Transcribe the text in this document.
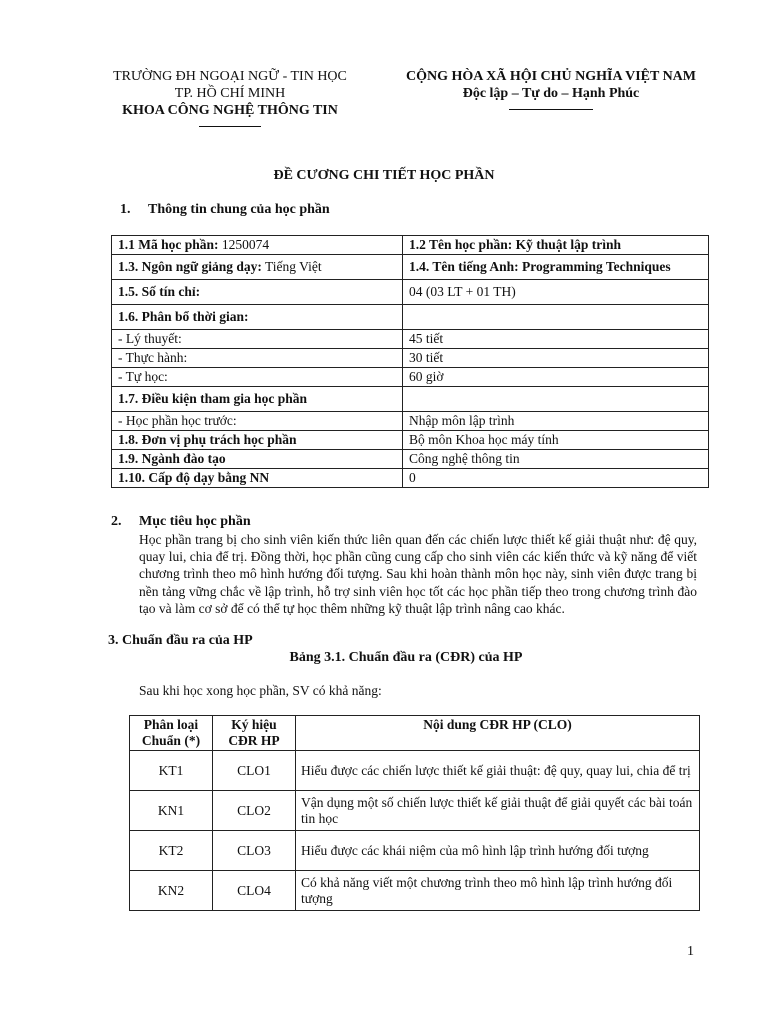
TRƯỜNG ĐH NGOẠI NGỮ - TIN HỌC
TP. HỒ CHÍ MINH
KHOA CÔNG NGHỆ THÔNG TIN
CỘNG HÒA XÃ HỘI CHỦ NGHĨA VIỆT NAM
Độc lập – Tự do – Hạnh Phúc
ĐỀ CƯƠNG CHI TIẾT HỌC PHẦN
1. Thông tin chung của học phần
1.1 Mã học phần: 1250074	1.2 Tên học phần: Kỹ thuật lập trình
1.3. Ngôn ngữ giảng dạy: Tiếng Việt	1.4. Tên tiếng Anh: Programming Techniques
1.5. Số tín chỉ:	04 (03 LT + 01 TH)
1.6. Phân bổ thời gian:	
- Lý thuyết:	45 tiết
- Thực hành:	30 tiết
- Tự học:	60 giờ
1.7. Điều kiện tham gia học phần	
- Học phần học trước:	Nhập môn lập trình
1.8. Đơn vị phụ trách học phần	Bộ môn Khoa học máy tính
1.9. Ngành đào tạo	Công nghệ thông tin
1.10. Cấp độ dạy bằng NN	0
2. Mục tiêu học phần
Học phần trang bị cho sinh viên kiến thức liên quan đến các chiến lược thiết kế giải thuật như: đệ quy, quay lui, chia để trị. Đồng thời, học phần cũng cung cấp cho sinh viên các kiến thức và kỹ năng để viết chương trình theo mô hình hướng đối tượng. Sau khi hoàn thành môn học này, sinh viên được trang bị nền tảng vững chắc về lập trình, hỗ trợ sinh viên học tốt các học phần tiếp theo trong chương trình đào tạo và làm cơ sở để có thể tự học thêm những kỹ thuật lập trình nâng cao khác.
3. Chuẩn đầu ra của HP
Bảng 3.1. Chuẩn đầu ra (CĐR) của HP
Sau khi học xong học phần, SV có khả năng:
Phân loại Chuẩn (*)	Ký hiệu CĐR HP	Nội dung CĐR HP (CLO)
KT1	CLO1	Hiểu được các chiến lược thiết kế giải thuật: đệ quy, quay lui, chia để trị
KN1	CLO2	Vận dụng một số chiến lược thiết kế giải thuật để giải quyết các bài toán tin học
KT2	CLO3	Hiểu được các khái niệm của mô hình lập trình hướng đối tượng
KN2	CLO4	Có khả năng viết một chương trình theo mô hình lập trình hướng đối tượng
1
